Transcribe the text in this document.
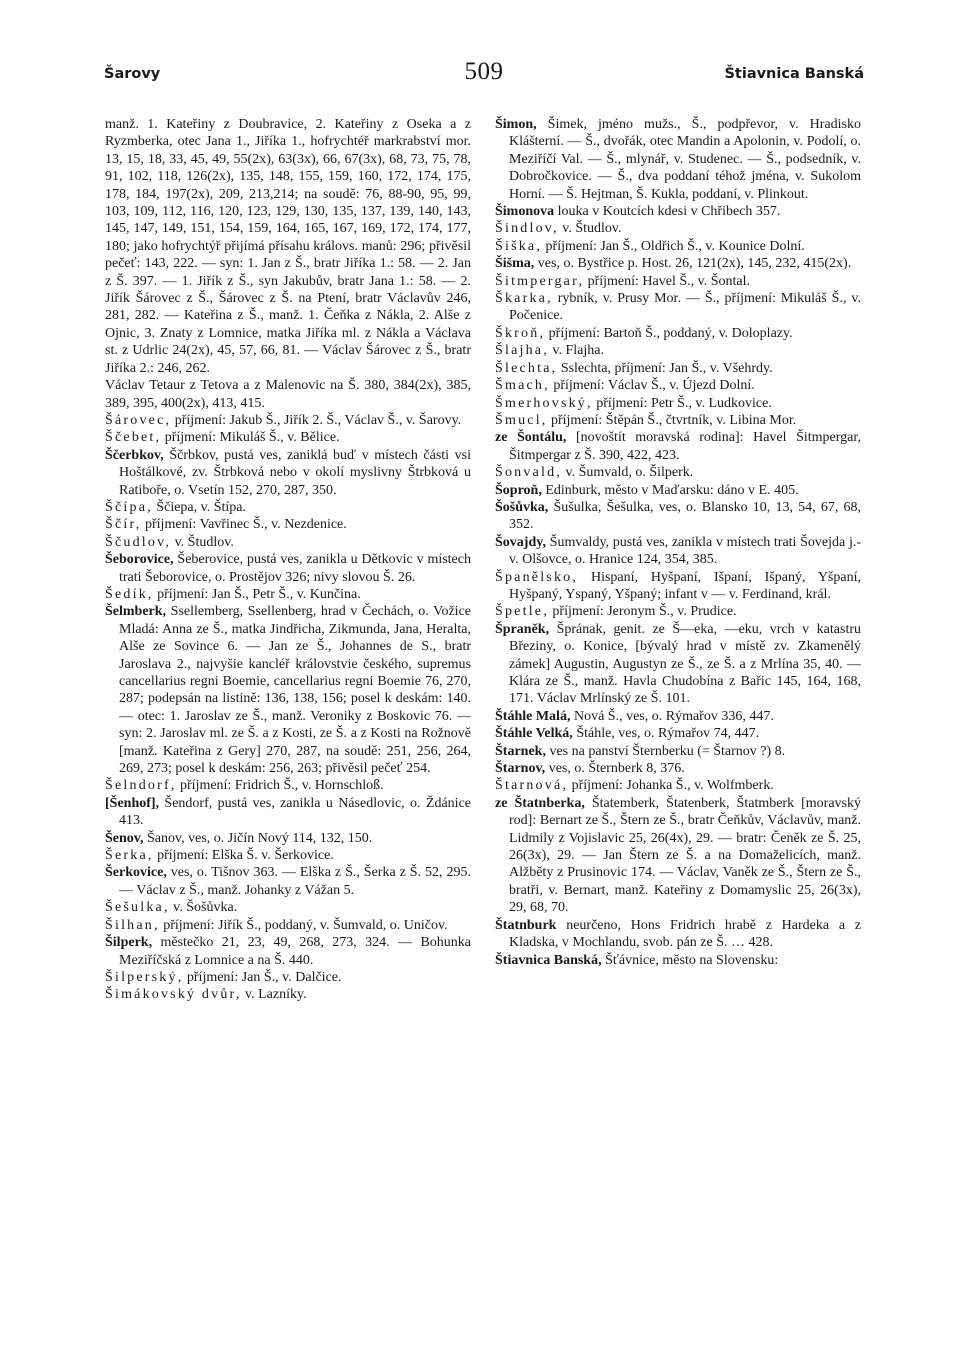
Šarovy	509	Štiavnica Banská

manž. 1. Kateřiny z Doubravice, 2. Kateřiny z Oseka a z Ryzmberka, otec Jana 1., Jiříka 1., hofrychtéř markrabství mor. 13, 15, 18, 33, 45, 49, 55(2x), 63(3x), 66, 67(3x), 68, 73, 75, 78, 91, 102, 118, 126(2x), 135, 148, 155, 159, 160, 172, 174, 175, 178, 184, 197(2x), 209, 213,214; na soudě: 76, 88-90, 95, 99, 103, 109, 112, 116, 120, 123, 129, 130, 135, 137, 139, 140, 143, 145, 147, 149, 151, 154, 159, 164, 165, 167, 169, 172, 174, 177, 180; jako hofrychtýř přijímá přísahu královs. manů: 296; přivěsil pečeť: 143, 222. — syn: 1. Jan z Š., bratr Jiříka 1.: 58. — 2. Jan z Š. 397. — 1. Jiřík z Š., syn Jakubův, bratr Jana 1.: 58. — 2. Jiřík Šárovec z Š., Šárovec z Š. na Ptení, bratr Václavův 246, 281, 282. — Kateřina z Š., manž. 1. Čeňka z Nákla, 2. Alše z Ojnic, 3. Znaty z Lomnice, matka Jiříka ml. z Nákla a Václava st. z Udrlic 24(2x), 45, 57, 66, 81. — Václav Šárovec z Š., bratr Jiříka 2.: 246, 262.

Václav Tetaur z Tetova a z Malenovic na Š. 380, 384(2x), 385, 389, 395, 400(2x), 413, 415.

Šárovec, příjmení: Jakub Š., Jiřík 2. Š., Václav Š., v. Šarovy.

Ščebet, příjmení: Mikuláš Š., v. Bělice.

Ščerbkov, Ščrbkov, pustá ves, zaniklá buď v místech části vsi Hoštálkové, zv. Štrbková nebo v okolí myslivny Štrbková u Ratiboře, o. Vsetín 152, 270, 287, 350.

Ščípa, Ščiepa, v. Štípa.

Ščír, příjmení: Vavřinec Š., v. Nezdenice.

Ščudlov, v. Študlov.

Šeborovice, Šeberovice, pustá ves, zanikla u Dětkovic v místech trati Šeborovice, o. Prostějov 326; nivy slovou Š. 26.

Šedík, příjmení: Jan Š., Petr Š., v. Kunčina.

Šelmberk, Ssellemberg, Ssellenberg, hrad v Čechách, o. Vožice Mladá: Anna ze Š., matka Jindřicha, Zikmunda, Jana, Heralta, Alše ze Sovince 6. — Jan ze Š., Johannes de S., bratr Jaroslava 2., najvyšie kancléř královstvie českého, supremus cancellarius regni Boemie, cancellarius regni Boemie 76, 270, 287; podepsán na listině: 136, 138, 156; posel k deskám: 140. — otec: 1. Jaroslav ze Š., manž. Veroniky z Boskovic 76. — syn: 2. Jaroslav ml. ze Š. a z Kosti, ze Š. a z Kosti na Rožnově [manž. Kateřina z Gery] 270, 287, na soudě: 251, 256, 264, 269, 273; posel k deskám: 256, 263; přivěsil pečeť 254.

Šelndorf, příjmení: Fridrich Š., v. Hornschloß.

[Šenhof], Šendorf, pustá ves, zanikla u Násedlovic, o. Ždánice 413.

Šenov, Šanov, ves, o. Jičín Nový 114, 132, 150.

Šerka, příjmení: Elška Š. v. Šerkovice.

Šerkovice, ves, o. Tišnov 363. — Elška z Š., Šerka z Š. 52, 295. — Václav z Š., manž. Johanky z Vážan 5.

Šešulka, v. Šošůvka.

Šilhan, příjmení: Jiřík Š., poddaný, v. Šumvald, o. Uničov.

Šilperk, městečko 21, 23, 49, 268, 273, 324. — Bohunka Meziříčská z Lomnice a na Š. 440.

Šilperský, příjmení: Jan Š., v. Dalčice.

Šimákovský dvůr, v. Lazníky.

Šimon, Šimek, jméno mužs., Š., podpřevor, v. Hradisko Klášterní. — Š., dvořák, otec Mandin a Apolonin, v. Podolí, o. Meziříčí Val. — Š., mlynář, v. Studenec. — Š., podsedník, v. Dobročkovice. — Š., dva poddaní téhož jména, v. Sukolom Horní. — Š. Hejtman, Š. Kukla, poddaní, v. Plinkout.

Šimonova louka v Koutcích kdesi v Chřibech 357.

Šindlov, v. Študlov.

Šiška, příjmení: Jan Š., Oldřich Š., v. Kounice Dolní.

Šišma, ves, o. Bystřice p. Host. 26, 121(2x), 145, 232, 415(2x).

Šitmpergar, příjmení: Havel Š., v. Šontal.

Škarka, rybník, v. Prusy Mor. — Š., příjmení: Mikuláš Š., v. Počenice.

Škroň, příjmení: Bartoň Š., poddaný, v. Doloplazy.

Šlajha, v. Flajha.

Šlechta, Sslechta, příjmení: Jan Š., v. Všehrdy.

Šmach, příjmení: Václav Š., v. Újezd Dolní.

Šmerhovský, příjmení: Petr Š., v. Ludkovice.

Šmucl, příjmení: Štěpán Š., čtvrtník, v. Libina Mor.

ze Šontálu, [novoštít moravská rodina]: Havel Šitmpergar, Šitmpergar z Š. 390, 422, 423.

Šonvald, v. Šumvald, o. Šilperk.

Šoproň, Edinburk, město v Maďarsku: dáno v E. 405.

Šošůvka, Šušulka, Šešulka, ves, o. Blansko 10, 13, 54, 67, 68, 352.

Šovajdy, Šumvaldy, pustá ves, zanikla v místech trati Šovejda j.-v. Olšovce, o. Hranice 124, 354, 385.

Španělsko, Hispaní, Hyšpaní, Išpaní, Išpaný, Yšpaní, Hyšpaný, Yspaný, Yšpaný; infant v — v. Ferdinand, král.

Špetle, příjmení: Jeronym Š., v. Prudice.

Špraněk, Šprának, genit. ze Š—eka, —eku, vrch v katastru Březiny, o. Konice, [bývalý hrad v místě zv. Zkamenělý zámek] Augustin, Augustyn ze Š., ze Š. a z Mrlína 35, 40. — Klára ze Š., manž. Havla Chudobína z Bařic 145, 164, 168, 171. Václav Mrlínský ze Š. 101.

Štáhle Malá, Nová Š., ves, o. Rýmařov 336, 447.

Štáhle Velká, Štáhle, ves, o. Rýmařov 74, 447.

Štarnek, ves na panství Šternberku (= Štarnov ?) 8.

Štarnov, ves, o. Šternberk 8, 376.

Štarnová, příjmení: Johanka Š., v. Wolfmberk.

ze Štatnberka, Štatemberk, Štatenberk, Štatmberk [moravský rod]: Bernart ze Š., Štern ze Š., bratr Čeňkův, Václavův, manž. Lidmily z Vojislavic 25, 26(4x), 29. — bratr: Čeněk ze Š. 25, 26(3x), 29. — Jan Štern ze Š. a na Domaželicích, manž. Alžběty z Prusinovic 174. — Václav, Vaněk ze Š., Štern ze Š., bratři, v. Bernart, manž. Kateřiny z Domamyslic 25, 26(3x), 29, 68, 70.

Štatnburk neurčeno, Hons Fridrich hrabě z Hardeka a z Kladska, v Mochlandu, svob. pán ze Š. … 428.

Štiavnica Banská, Šťávnice, město na Slovensku:
